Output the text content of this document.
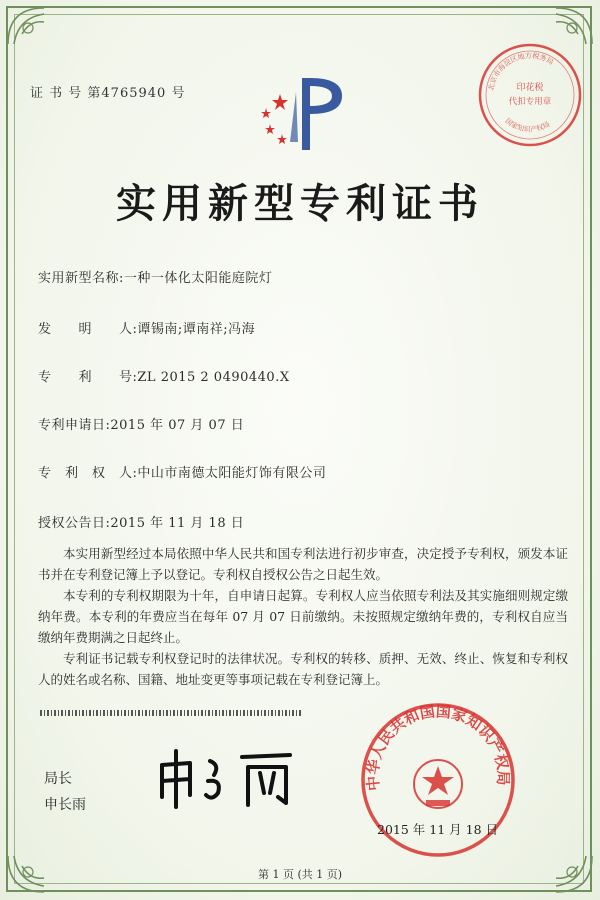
证 书 号 第4765940 号	印花税
代扣专用章
北京市海淀区地方税务局
国家知识产权局
实用新型专利证书
实用新型名称:一种一体化太阳能庭院灯
发　　明　　人:谭锡南;谭南祥;冯海
专　　利　　号:ZL 2015 2 0490440.X
专利申请日:2015 年 07 月 07 日
专　利　权　人:中山市南德太阳能灯饰有限公司
授权公告日:2015 年 11 月 18 日

本实用新型经过本局依照中华人民共和国专利法进行初步审查，决定授予专利权，颁发本证书并在专利登记簿上予以登记。专利权自授权公告之日起生效。

本专利的专利权期限为十年，自申请日起算。专利权人应当依照专利法及其实施细则规定缴纳年费。本专利的年费应当在每年 07 月 07 日前缴纳。未按照规定缴纳年费的，专利权自应当缴纳年费期满之日起终止。

专利证书记载专利权登记时的法律状况。专利权的转移、质押、无效、终止、恢复和专利权人的姓名或名称、国籍、地址变更等事项记载在专利登记簿上。

局长
申长雨
中华人民共和国国家知识产权局
2015 年 11 月 18 日
第 1 页 (共 1 页)
